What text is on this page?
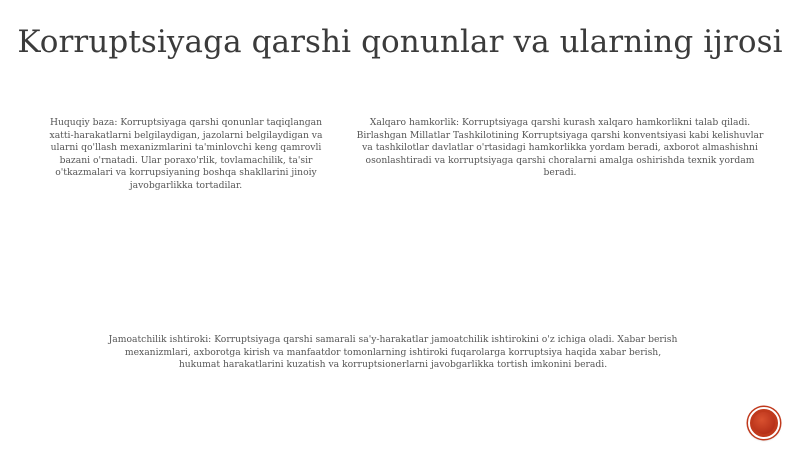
Korruptsiyaga qarshi qonunlar va ularning ijrosi
Huquqiy baza: Korruptsiyaga qarshi qonunlar taqiqlangan xatti-harakatlarni belgilaydigan, jazolarni belgilaydigan va ularni qo'llash mexanizmlarini ta'minlovchi keng qamrovli bazani o'rnatadi. Ular poraxo'rlik, tovlamachilik, ta'sir o'tkazmalari va korrupsiyaning boshqa shakllarini jinoiy javobgarlikka tortadilar.
Xalqaro hamkorlik: Korruptsiyaga qarshi kurash xalqaro hamkorlikni talab qiladi. Birlashgan Millatlar Tashkilotining Korruptsiyaga qarshi konventsiyasi kabi kelishuvlar va tashkilotlar davlatlar o'rtasidagi hamkorlikka yordam beradi, axborot almashishni osonlashtiradi va korruptsiyaga qarshi choralarni amalga oshirishda texnik yordam beradi.
Jamoatchilik ishtiroki: Korruptsiyaga qarshi samarali sa'y-harakatlar jamoatchilik ishtirokini o'z ichiga oladi. Xabar berish mexanizmlari, axborotga kirish va manfaatdor tomonlarning ishtiroki fuqarolarga korruptsiya haqida xabar berish, hukumat harakatlarini kuzatish va korruptsionerlarni javobgarlikka tortish imkonini beradi.
